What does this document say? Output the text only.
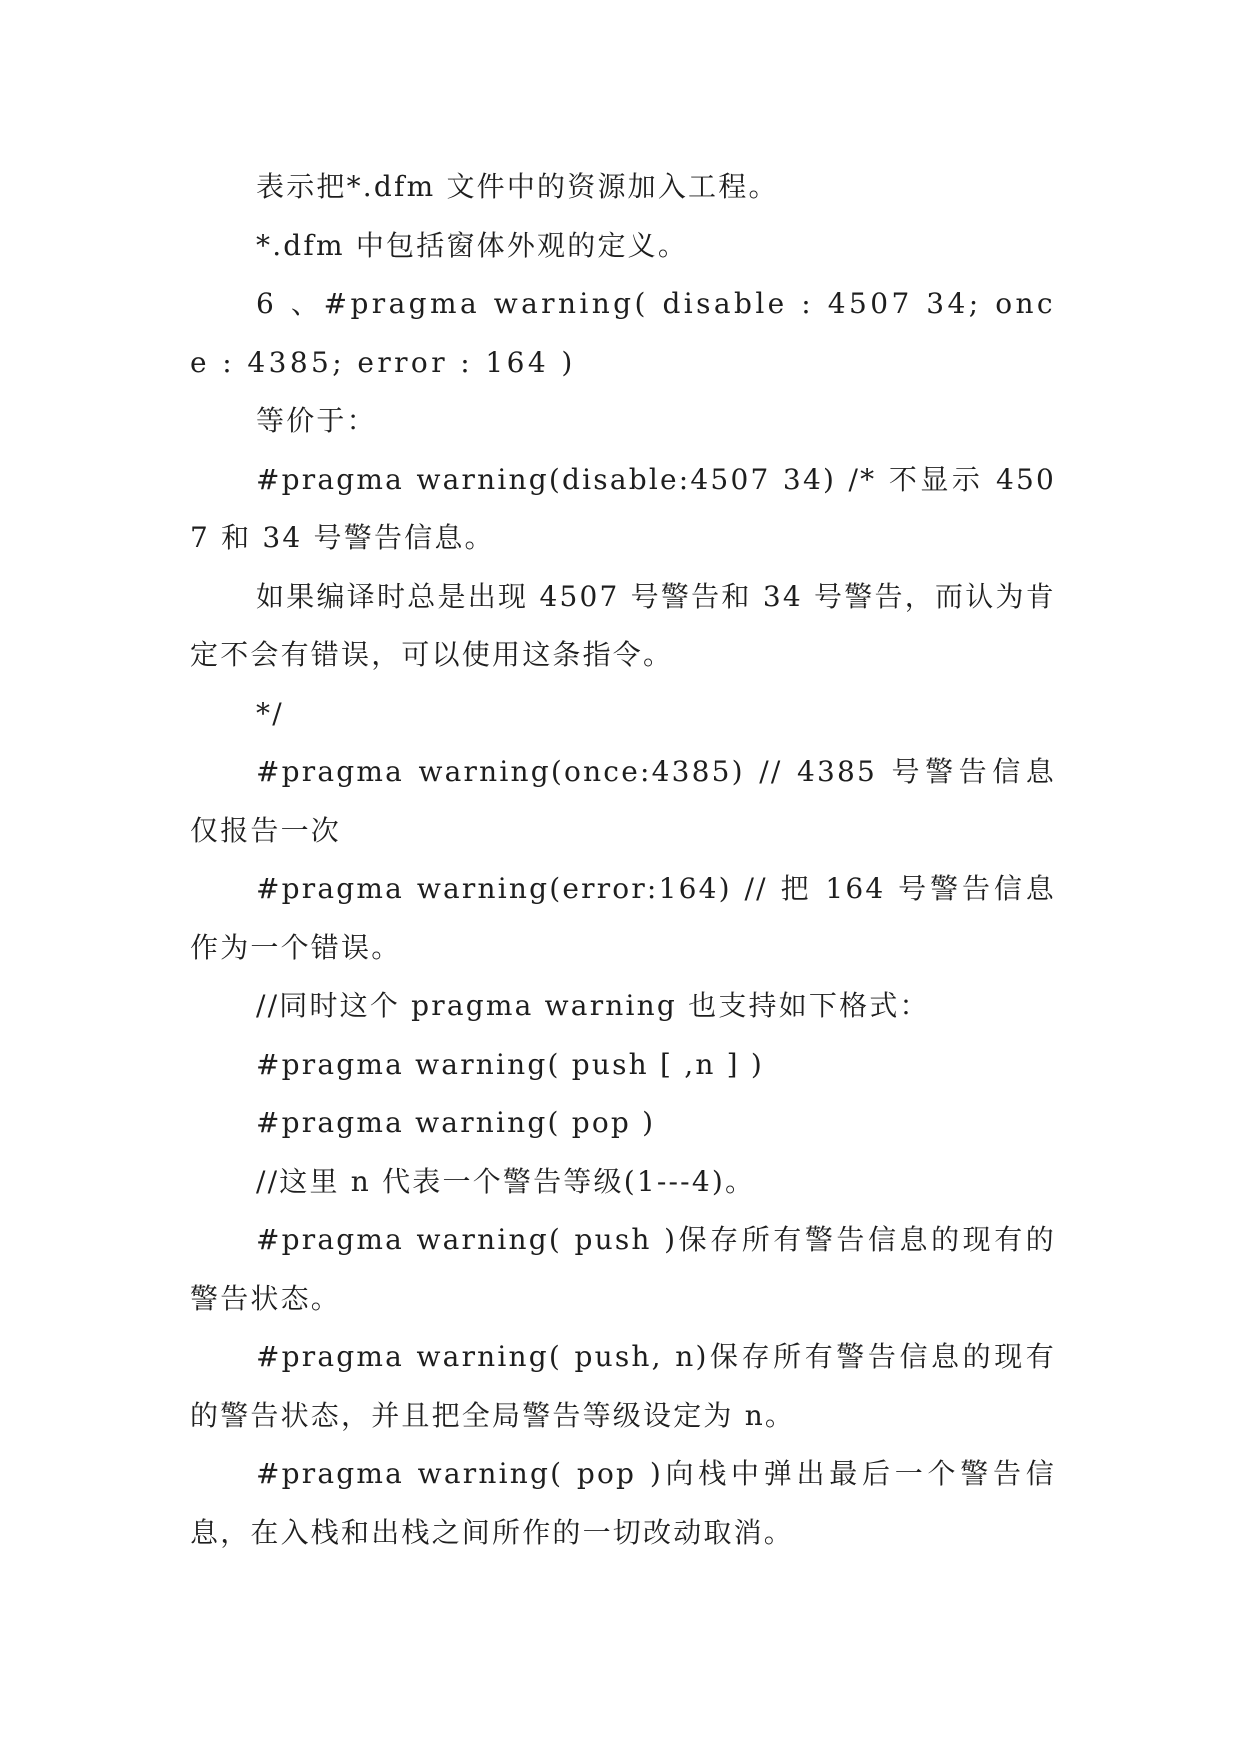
表示把*.dfm 文件中的资源加入工程。

*.dfm 中包括窗体外观的定义。

6 、#pragma warning( disable : 4507 34; once : 4385; error : 164 )

等价于：

#pragma warning(disable:4507 34) /* 不显示 4507 和 34 号警告信息。

如果编译时总是出现 4507 号警告和 34 号警告，而认为肯定不会有错误，可以使用这条指令。

*/

#pragma warning(once:4385) // 4385 号警告信息仅报告一次

#pragma warning(error:164) // 把 164 号警告信息作为一个错误。

//同时这个 pragma warning 也支持如下格式：

#pragma warning( push [ ,n ] )

#pragma warning( pop )

//这里 n 代表一个警告等级(1---4)。

#pragma warning( push )保存所有警告信息的现有的警告状态。

#pragma warning( push, n)保存所有警告信息的现有的警告状态，并且把全局警告等级设定为 n。

#pragma warning( pop )向栈中弹出最后一个警告信息，在入栈和出栈之间所作的一切改动取消。
